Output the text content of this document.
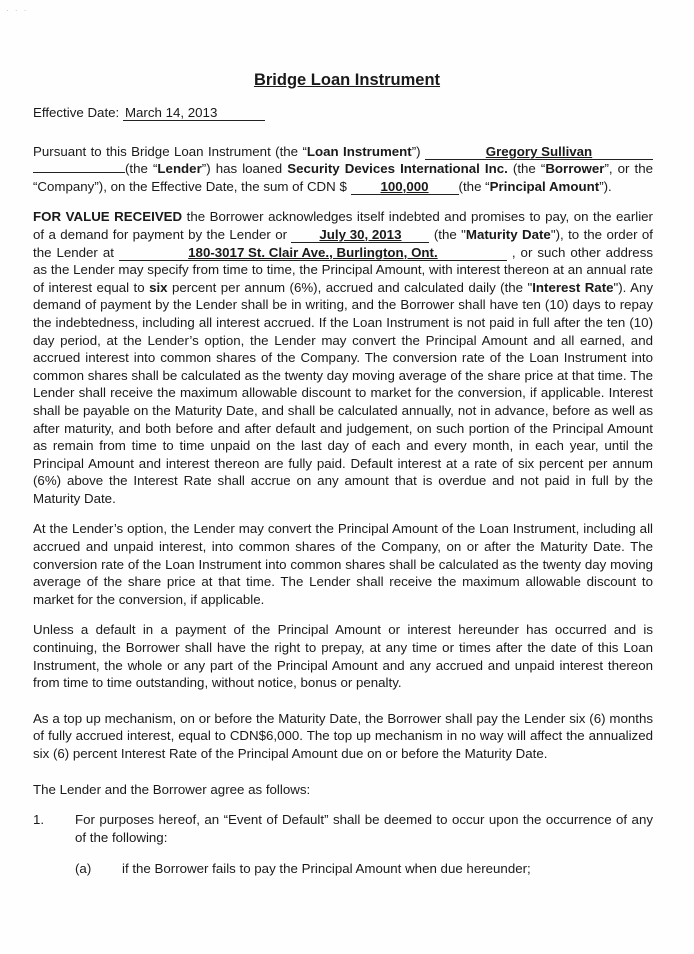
· · ·
Bridge Loan Instrument
Effective Date: March 14, 2013

Pursuant to this Bridge Loan Instrument (the “Loan Instrument”)	Gregory Sullivan (the “Lender”) has loaned Security Devices International Inc. (the “Borrower”, or the “Company”), on the Effective Date, the sum of CDN $ 100,000 (the “Principal Amount”).

FOR VALUE RECEIVED the Borrower acknowledges itself indebted and promises to pay, on the earlier of a demand for payment by the Lender or July 30, 2013 (the "Maturity Date"), to the order of the Lender at	180-3017 St. Clair Ave., Burlington, Ont.	, or such other address as the Lender may specify from time to time, the Principal Amount, with interest thereon at an annual rate of interest equal to six percent per annum (6%), accrued and calculated daily (the "Interest Rate"). Any demand of payment by the Lender shall be in writing, and the Borrower shall have ten (10) days to repay the indebtedness, including all interest accrued. If the Loan Instrument is not paid in full after the ten (10) day period, at the Lender’s option, the Lender may convert the Principal Amount and all earned, and accrued interest into common shares of the Company. The conversion rate of the Loan Instrument into common shares shall be calculated as the twenty day moving average of the share price at that time. The Lender shall receive the maximum allowable discount to market for the conversion, if applicable. Interest shall be payable on the Maturity Date, and shall be calculated annually, not in advance, before as well as after maturity, and both before and after default and judgement, on such portion of the Principal Amount as remain from time to time unpaid on the last day of each and every month, in each year, until the Principal Amount and interest thereon are fully paid. Default interest at a rate of six percent per annum (6%) above the Interest Rate shall accrue on any amount that is overdue and not paid in full by the Maturity Date.

At the Lender’s option, the Lender may convert the Principal Amount of the Loan Instrument, including all accrued and unpaid interest, into common shares of the Company, on or after the Maturity Date. The conversion rate of the Loan Instrument into common shares shall be calculated as the twenty day moving average of the share price at that time. The Lender shall receive the maximum allowable discount to market for the conversion, if applicable.

Unless a default in a payment of the Principal Amount or interest hereunder has occurred and is continuing, the Borrower shall have the right to prepay, at any time or times after the date of this Loan Instrument, the whole or any part of the Principal Amount and any accrued and unpaid interest thereon from time to time outstanding, without notice, bonus or penalty.

As a top up mechanism, on or before the Maturity Date, the Borrower shall pay the Lender six (6) months of fully accrued interest, equal to CDN$6,000. The top up mechanism in no way will affect the annualized six (6) percent Interest Rate of the Principal Amount due on or before the Maturity Date.

The Lender and the Borrower agree as follows:

1.	For purposes hereof, an “Event of Default” shall be deemed to occur upon the occurrence of any of the following:
(a)	if the Borrower fails to pay the Principal Amount when due hereunder;
